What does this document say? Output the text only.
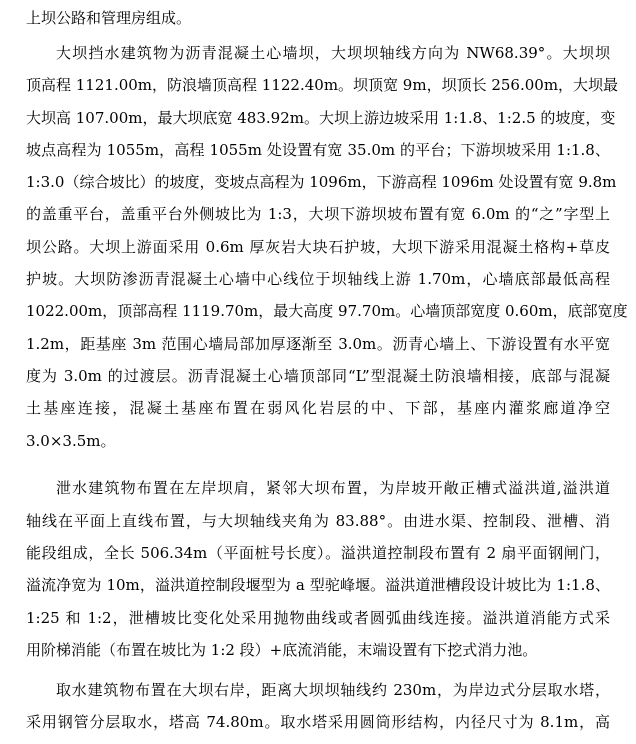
上坝公路和管理房组成。
大坝挡水建筑物为沥青混凝土心墙坝，大坝坝轴线方向为 NW68.39°。大坝坝
顶高程 1121.00m，防浪墙顶高程 1122.40m。坝顶宽 9m，坝顶长 256.00m，大坝最
大坝高 107.00m，最大坝底宽 483.92m。大坝上游边坡采用 1:1.8、1:2.5 的坡度，变
坡点高程为 1055m，高程 1055m 处设置有宽 35.0m 的平台；下游坝坡采用 1:1.8、
1:3.0（综合坡比）的坡度，变坡点高程为 1096m，下游高程 1096m 处设置有宽 9.8m
的盖重平台，盖重平台外侧坡比为 1:3，大坝下游坝坡布置有宽 6.0m 的“之”字型上
坝公路。大坝上游面采用 0.6m 厚灰岩大块石护坡，大坝下游采用混凝土格构+草皮
护坡。大坝防渗沥青混凝土心墙中心线位于坝轴线上游 1.70m，心墙底部最低高程
1022.00m，顶部高程 1119.70m，最大高度 97.70m。心墙顶部宽度 0.60m，底部宽度
1.2m，距基座 3m 范围心墙局部加厚逐渐至 3.0m。沥青心墙上、下游设置有水平宽
度为 3.0m 的过渡层。沥青混凝土心墙顶部同“L”型混凝土防浪墙相接，底部与混凝
土基座连接，混凝土基座布置在弱风化岩层的中、下部，基座内灌浆廊道净空
3.0×3.5m。
泄水建筑物布置在左岸坝肩，紧邻大坝布置，为岸坡开敞正槽式溢洪道,溢洪道
轴线在平面上直线布置，与大坝轴线夹角为 83.88°。由进水渠、控制段、泄槽、消
能段组成，全长 506.34m（平面桩号长度）。溢洪道控制段布置有 2 扇平面钢闸门，
溢流净宽为 10m，溢洪道控制段堰型为 a 型驼峰堰。溢洪道泄槽段设计坡比为 1:1.8、
1:25 和 1:2，泄槽坡比变化处采用抛物曲线或者圆弧曲线连接。溢洪道消能方式采
用阶梯消能（布置在坡比为 1:2 段）+底流消能，末端设置有下挖式消力池。
取水建筑物布置在大坝右岸，距离大坝坝轴线约 230m，为岸边式分层取水塔，
采用钢管分层取水，塔高 74.80m。取水塔采用圆筒形结构，内径尺寸为 8.1m，高
